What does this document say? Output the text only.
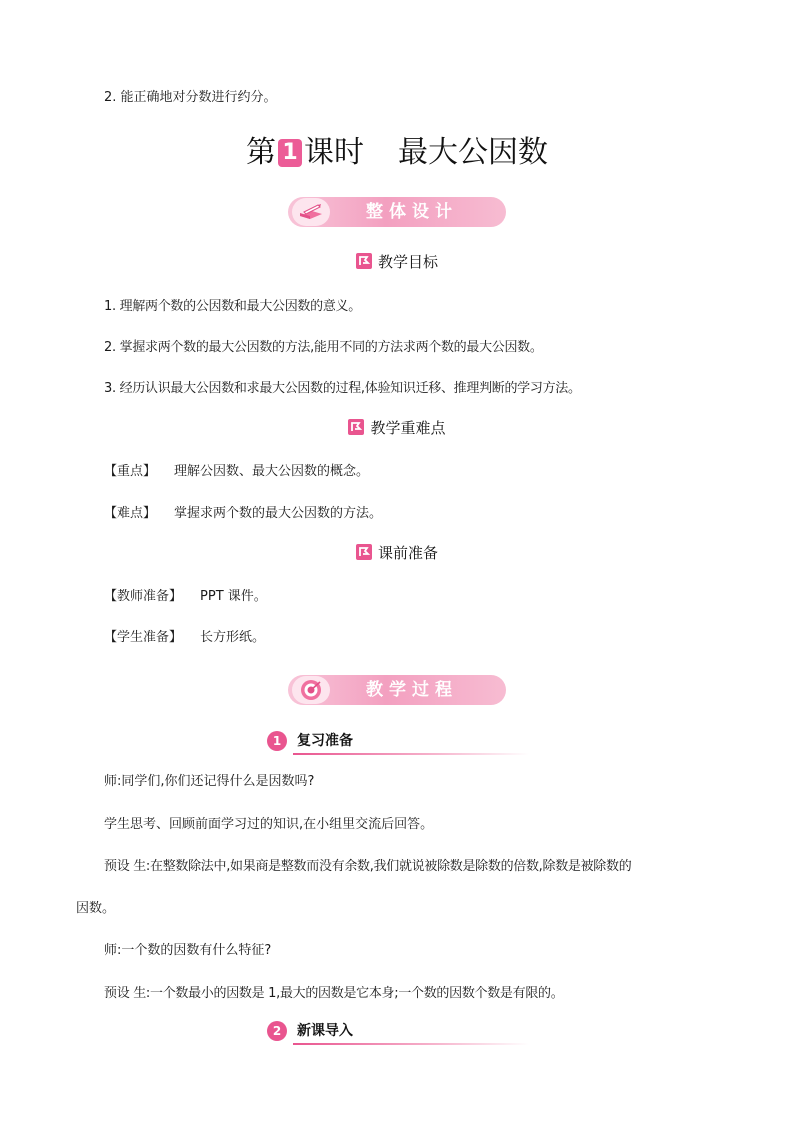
2. 能正确地对分数进行约分。
第 1 课时 最大公因数
整体设计
教学目标
1. 理解两个数的公因数和最大公因数的意义。
2. 掌握求两个数的最大公因数的方法,能用不同的方法求两个数的最大公因数。
3. 经历认识最大公因数和求最大公因数的过程,体验知识迁移、推理判断的学习方法。
教学重难点
【重点】 理解公因数、最大公因数的概念。
【难点】 掌握求两个数的最大公因数的方法。
课前准备
【教师准备】 PPT 课件。
【学生准备】 长方形纸。
教学过程
1	复习准备
师:同学们,你们还记得什么是因数吗?
学生思考、回顾前面学习过的知识,在小组里交流后回答。
预设 生:在整数除法中,如果商是整数而没有余数,我们就说被除数是除数的倍数,除数是被除数的
因数。
师:一个数的因数有什么特征?
预设 生:一个数最小的因数是 1,最大的因数是它本身;一个数的因数个数是有限的。
2	新课导入
